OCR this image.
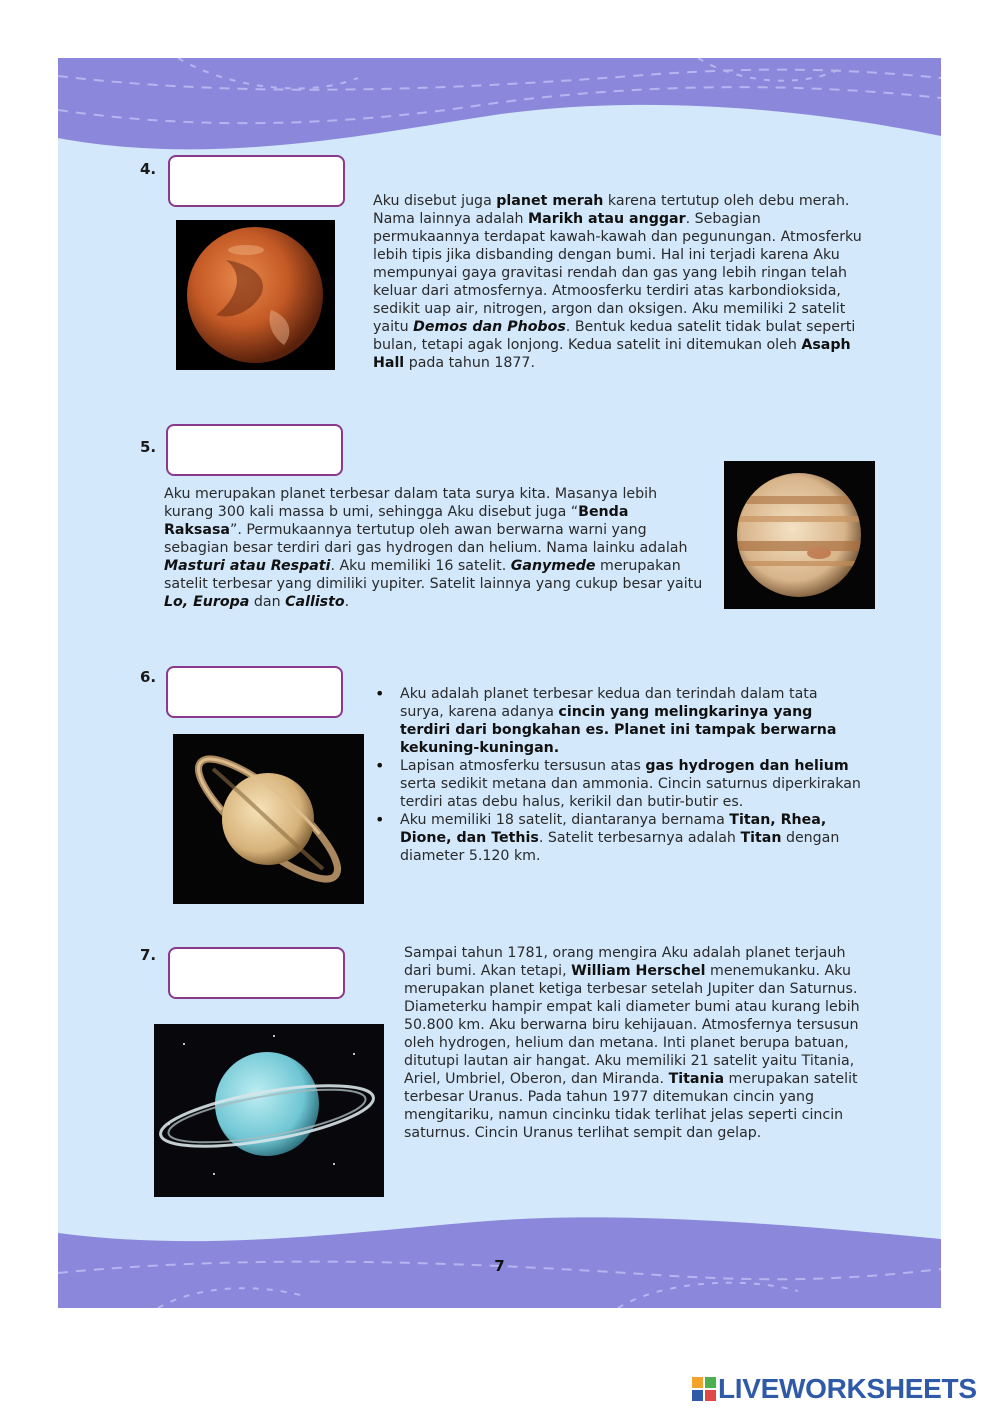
4.

Aku disebut juga planet merah karena tertutup oleh debu merah. Nama lainnya adalah Marikh atau anggar. Sebagian permukaannya terdapat kawah-kawah dan pegunungan. Atmosferku lebih tipis jika disbanding dengan bumi. Hal ini terjadi karena Aku mempunyai gaya gravitasi rendah dan gas yang lebih ringan telah keluar dari atmosfernya. Atmoosferku terdiri atas karbondioksida, sedikit uap air, nitrogen, argon dan oksigen. Aku memiliki 2 satelit yaitu Demos dan Phobos. Bentuk kedua satelit tidak bulat seperti bulan, tetapi agak lonjong. Kedua satelit ini ditemukan oleh Asaph Hall pada tahun 1877.

5.

Aku merupakan planet terbesar dalam tata surya kita. Masanya lebih kurang 300 kali massa b umi, sehingga Aku disebut juga “Benda Raksasa”. Permukaannya tertutup oleh awan berwarna warni yang sebagian besar terdiri dari gas hydrogen dan helium. Nama lainku adalah Masturi atau Respati. Aku memiliki 16 satelit. Ganymede merupakan satelit terbesar yang dimiliki yupiter. Satelit lainnya yang cukup besar yaitu Lo, Europa dan Callisto.

6.
• Aku adalah planet terbesar kedua dan terindah dalam tata surya, karena adanya cincin yang melingkarinya yang terdiri dari bongkahan es. Planet ini tampak berwarna kekuning-kuningan.
• Lapisan atmosferku tersusun atas gas hydrogen dan helium serta sedikit metana dan ammonia. Cincin saturnus diperkirakan terdiri atas debu halus, kerikil dan butir-butir es.
• Aku memiliki 18 satelit, diantaranya bernama Titan, Rhea, Dione, dan Tethis. Satelit terbesarnya adalah Titan dengan diameter 5.120 km.
7.	Sampai tahun 1781, orang mengira Aku adalah planet terjauh dari bumi. Akan tetapi, William Herschel menemukanku. Aku merupakan planet ketiga terbesar setelah Jupiter dan Saturnus. Diameterku hampir empat kali diameter bumi atau kurang lebih 50.800 km. Aku berwarna biru kehijauan. Atmosfernya tersusun oleh hydrogen, helium dan metana. Inti planet berupa batuan, ditutupi lautan air hangat. Aku memiliki 21 satelit yaitu Titania, Ariel, Umbriel, Oberon, dan Miranda. Titania merupakan satelit terbesar Uranus. Pada tahun 1977 ditemukan cincin yang mengitariku, namun cincinku tidak terlihat jelas seperti cincin saturnus. Cincin Uranus terlihat sempit dan gelap.

7
LIVEWORKSHEETS
